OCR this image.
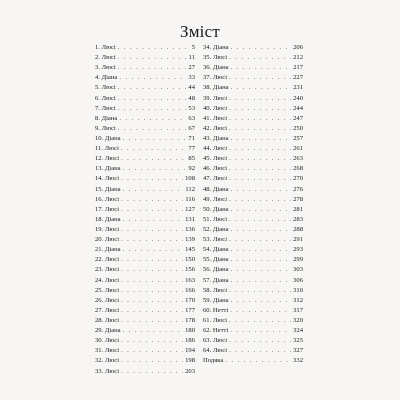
Зміст
1. Люсі . . .	5
2. Люсі . . .	11
3. Люсі . . .	27
4. Діана . . .	33
5. Люсі . . .	44
6. Люсі . . .	48
7. Люсі . . .	53
8. Діана . . .	63
9. Люсі . . .	67
10. Діана . . .	71
11. Люсі . . .	77
12. Люсі . . .	85
13. Діана . . .	92
14. Люсі . . .	108
15. Діана . . .	112
16. Люсі . . .	116
17. Люсі . . .	127
18. Діана . . .	131
19. Люсі . . .	136
20. Люсі . . .	139
21. Діана . . .	145
22. Люсі . . .	150
23. Люсі . . .	156
24. Люсі . . .	163
25. Люсі . . .	166
26. Люсі . . .	170
27. Люсі . . .	177
28. Люсі . . .	178
29. Діана . . .	180
30. Люсі . . .	186
31. Люсі . . .	194
32. Люсі . . .	198
33. Люсі . . .	203
34. Діана . . .	206
35. Люсі . . .	212
36. Діана . . .	217
37. Люсі . . .	227
38. Діана . . .	231
39. Люсі . . .	240
40. Люсі . . .	244
41. Люсі . . .	247
42. Люсі . . .	250
43. Діана . . .	257
44. Люсі . . .	261
45. Люсі . . .	263
46. Люсі . . .	268
47. Люсі . . .	270
48. Діана . . .	276
49. Люсі . . .	278
50. Діана . . .	281
51. Люсі . . .	283
52. Діана . . .	288
53. Люсі . . .	291
54. Діана . . .	293
55. Діана . . .	299
56. Діана . . .	303
57. Діана . . .	306
58. Люсі . . .	310
59. Діана . . .	312
60. Нетті . . .	317
61. Люсі . . .	320
62. Нетті . . .	324
63. Люсі . . .	325
64. Люсі . . .	327
Подяка . . .	332
